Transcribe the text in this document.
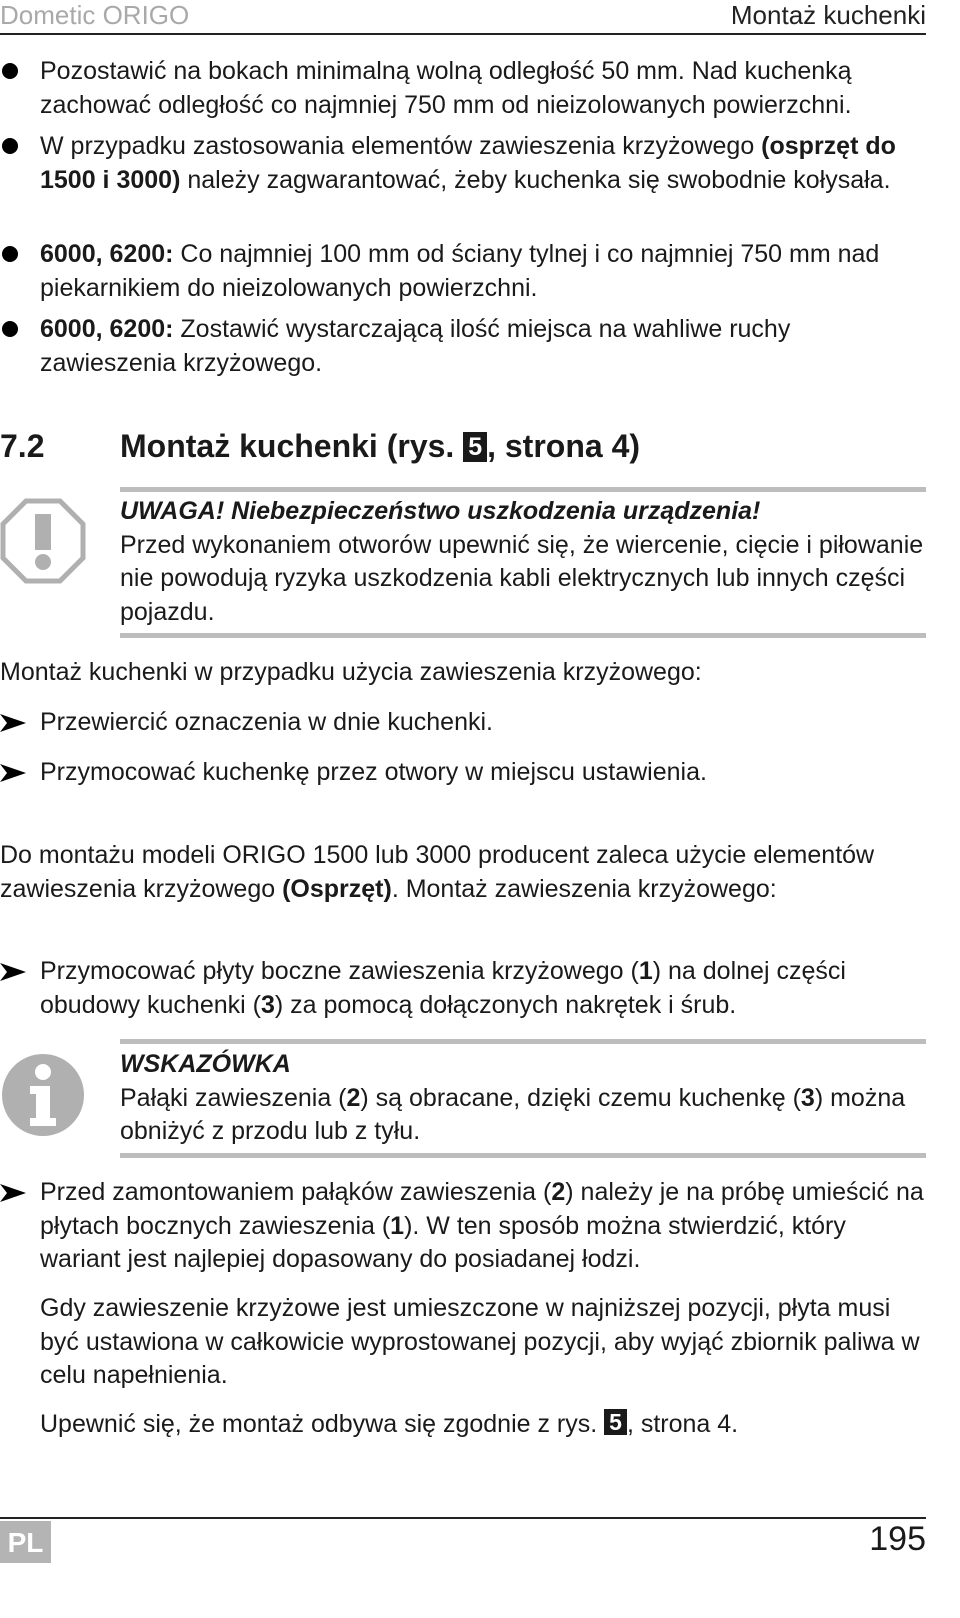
Dometic ORIGO	Montaż kuchenki
Pozostawić na bokach minimalną wolną odległość 50 mm. Nad kuchenką zachować odległość co najmniej 750 mm od nieizolowanych powierzchni.
W przypadku zastosowania elementów zawieszenia krzyżowego (osprzęt do 1500 i 3000) należy zagwarantować, żeby kuchenka się swobodnie kołysała.
6000, 6200: Co najmniej 100 mm od ściany tylnej i co najmniej 750 mm nad piekarnikiem do nieizolowanych powierzchni.
6000, 6200: Zostawić wystarczającą ilość miejsca na wahliwe ruchy zawieszenia krzyżowego.
7.2 Montaż kuchenki (rys. 5 , strona 4)
UWAGA! Niebezpieczeństwo uszkodzenia urządzenia!
Przed wykonaniem otworów upewnić się, że wiercenie, cięcie i piłowanie nie powodują ryzyka uszkodzenia kabli elektrycznych lub innych części pojazdu.
Montaż kuchenki w przypadku użycia zawieszenia krzyżowego:
Przewiercić oznaczenia w dnie kuchenki.
Przymocować kuchenkę przez otwory w miejscu ustawienia.
Do montażu modeli ORIGO 1500 lub 3000 producent zaleca użycie elementów zawieszenia krzyżowego (Osprzęt). Montaż zawieszenia krzyżowego:
Przymocować płyty boczne zawieszenia krzyżowego (1) na dolnej części obudowy kuchenki (3) za pomocą dołączonych nakrętek i śrub.
WSKAZÓWKA
Pałąki zawieszenia (2) są obracane, dzięki czemu kuchenkę (3) można obniżyć z przodu lub z tyłu.
Przed zamontowaniem pałąków zawieszenia (2) należy je na próbę umieścić na płytach bocznych zawieszenia (1). W ten sposób można stwierdzić, który wariant jest najlepiej dopasowany do posiadanej łodzi.
Gdy zawieszenie krzyżowe jest umieszczone w najniższej pozycji, płyta musi być ustawiona w całkowicie wyprostowanej pozycji, aby wyjąć zbiornik paliwa w celu napełnienia.
Upewnić się, że montaż odbywa się zgodnie z rys. 5 , strona 4.
PL	195
